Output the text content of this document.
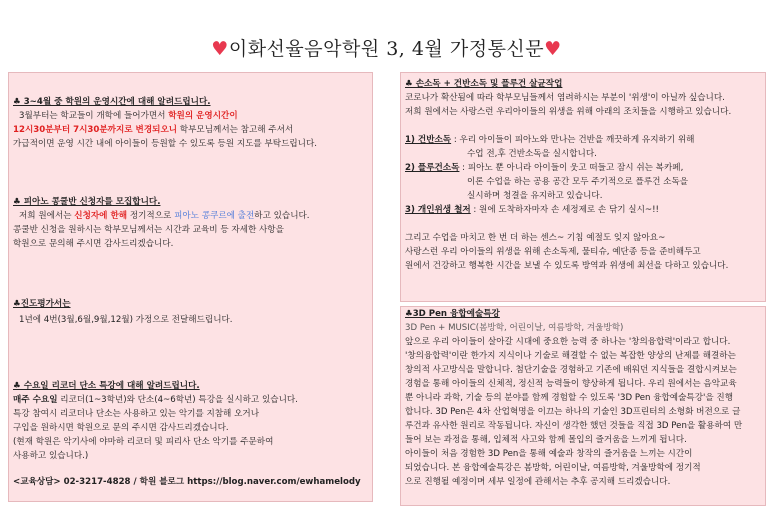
♥이화선율음악학원 3, 4월 가정통신문♥
♣ 3~4월 중 학원의 운영시간에 대해 알려드립니다.
3월부터는 학교들이 개학에 들어가면서 학원의 운영시간이
12시30분부터 7시30분까지로 변경되오니 학부모님께서는 참고해 주셔서
가급적이면 운영 시간 내에 아이들이 등원할 수 있도록 등원 지도를 부탁드립니다.
♣ 피아노 콩쿨반 신청자를 모집합니다.
저희 원에서는 신청자에 한해 정기적으로 피아노 콩쿠르에 출전하고 있습니다.
콩쿨반 신청을 원하시는 학부모님께서는 시간과 교육비 등 자세한 사항을
학원으로 문의해 주시면 감사드리겠습니다.
♣진도평가서는
1년에 4번(3월,6월,9월,12월) 가정으로 전달해드립니다.
♣ 수요일 리코더 단소 특강에 대해 알려드립니다.
매주 수요일 리코더(1~3학년)와 단소(4~6학년) 특강을 실시하고 있습니다.
특강 참여시 리코더나 단소는 사용하고 있는 악기를 지참해 오거나
구입을 원하시면 학원으로 문의 주시면 감사드리겠습니다.
(현재 학원은 악기사에 야마하 리코더 및 피리사 단소 악기를 주문하여
사용하고 있습니다.)
<교육상담> 02-3217-4828 / 학원 블로그 https://blog.naver.com/ewhamelody
♣ 손소독 + 건반소독 및 플루건 살균작업
코로나가 확산됨에 따라 학부모님들께서 염려하시는 부분이 '위생'이 아닐까 싶습니다.
저희 원에서는 사랑스런 우리아이들의 위생을 위해 아래의 조치들을 시행하고 있습니다.
1) 건반소독 : 우리 아이들이 피아노와 만나는 건반을 깨끗하게 유지하기 위해
수업 전,후 건반소독을 실시합니다.
2) 플루건소독 : 피아노 뿐 아니라 아이들이 웃고 떠들고 잠시 쉬는 복카페,
이론 수업을 하는 공용 공간 모두 주기적으로 플루건 소독을
실시하며 청결을 유지하고 있습니다.
3) 개인위생 철저 : 원에 도착하자마자 손 세정제로 손 닦기 실시~!!
그리고 수업을 마치고 한 번 더 하는 센스~ 기침 예절도 잊지 않아요~
사랑스런 우리 아이들의 위생을 위해 손소독제, 물티슈, 예단종 등을 준비해두고
원에서 건강하고 행복한 시간을 보낼 수 있도록 방역과 위생에 최선을 다하고 있습니다.
♣3D Pen 융합예술특강
3D Pen + MUSIC(봄방학, 어린이날, 여름방학, 겨울방학)
앞으로 우리 아이들이 살아갈 시대에 중요한 능력 중 하나는 '창의융합력'이라고 합니다.
'창의융합력'이란 한가지 지식이나 기술로 해결할 수 없는 복잡한 양상의 난제를 해결하는
창의적 사고방식을 말합니다. 첨단기술을 경험하고 기존에 배워던 지식들을 결합시켜보는
경험을 통해 아이들의 신체적, 정신적 능력들이 향상하게 됩니다. 우리 원에서는 음악교육
뿐 아니라 과학, 기술 등의 분야를 함께 경험할 수 있도록 '3D Pen 융합예술특강'을 진행
합니다. 3D Pen은 4차 산업혁명을 이끄는 하나의 기술인 3D프린터의 소형화 버전으로 글
루건과 유사한 원리로 작동됩니다. 자신이 생각한 했던 것들을 직접 3D Pen을 활용하여 만
들어 보는 과정을 통해, 입체적 사고와 함께 몰입의 즐거움을 느끼게 됩니다.
아이들이 처음 경험한 3D Pen을 통해 예술과 창작의 즐거움을 느끼는 시간이
되었습니다. 본 융합예술특강은 봄방학, 어린이날, 여름방학, 겨울방학에 정기적
으로 진행될 예정이며 세부 일정에 관해서는 추후 공지해 드리겠습니다.
